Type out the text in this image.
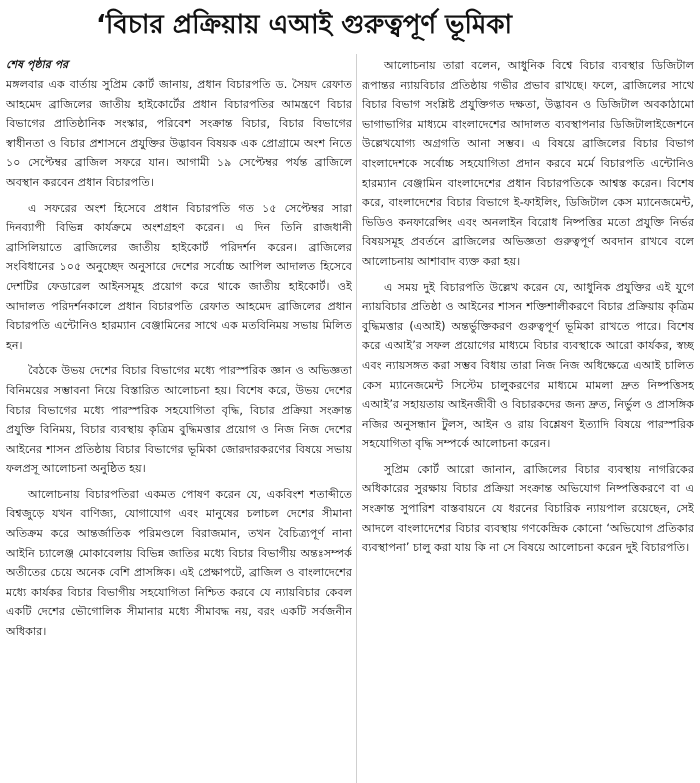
‘বিচার প্রক্রিয়ায় এআই গুরুত্বপূর্ণ ভূমিকা
শেষ পৃষ্ঠার পর

মঙ্গলবার এক বার্তায় সুপ্রিম কোর্ট জানায়, প্রধান বিচারপতি ড. সৈয়দ রেফাত আহমেদ ব্রাজিলের জাতীয় হাইকোর্টের প্রধান বিচারপতির আমন্ত্রণে বিচার বিভাগের প্রাতিষ্ঠানিক সংস্কার, পরিবেশ সংক্রান্ত বিচার, বিচার বিভাগের স্বাধীনতা ও বিচার প্রশাসনে প্রযুক্তির উদ্ভাবন বিষয়ক এক প্রোগ্রামে অংশ নিতে ১০ সেপ্টেম্বর ব্রাজিল সফরে যান। আগামী ১৯ সেপ্টেম্বর পর্যন্ত ব্রাজিলে অবস্থান করবেন প্রধান বিচারপতি।

এ সফরের অংশ হিসেবে প্রধান বিচারপতি গত ১৫ সেপ্টেম্বর সারা দিনব্যাপী বিভিন্ন কার্যক্রমে অংশগ্রহণ করেন। এ দিন তিনি রাজধানী ব্রাসিলিয়াতে ব্রাজিলের জাতীয় হাইকোর্ট পরিদর্শন করেন। ব্রাজিলের সংবিধানের ১০৫ অনুচ্ছেদ অনুসারে দেশের সর্বোচ্চ আপিল আদালত হিসেবে দেশটির ফেডারেল আইনসমূহ প্রয়োগ করে থাকে জাতীয় হাইকোর্ট। ওই আদালত পরিদর্শনকালে প্রধান বিচারপতি রেফাত আহমেদ ব্রাজিলের প্রধান বিচারপতি এন্টোনিও হারম্যান বেঞ্জামিনের সাথে এক মতবিনিময় সভায় মিলিত হন।

বৈঠকে উভয় দেশের বিচার বিভাগের মধ্যে পারস্পরিক জ্ঞান ও অভিজ্ঞতা বিনিময়ের সম্ভাবনা নিয়ে বিস্তারিত আলোচনা হয়। বিশেষ করে, উভয় দেশের বিচার বিভাগের মধ্যে পারস্পরিক সহযোগিতা বৃদ্ধি, বিচার প্রক্রিয়া সংক্রান্ত প্রযুক্তি বিনিময়, বিচার ব্যবস্থায় কৃত্রিম বুদ্ধিমত্তার প্রয়োগ ও নিজ নিজ দেশের আইনের শাসন প্রতিষ্ঠায় বিচার বিভাগের ভূমিকা জোরদারকরণের বিষয়ে সভায় ফলপ্রসূ আলোচনা অনুষ্ঠিত হয়।

আলোচনায় বিচারপতিরা একমত পোষণ করেন যে, একবিংশ শতাব্দীতে বিশ্বজুড়ে যখন বাণিজ্য, যোগাযোগ এবং মানুষের চলাচল দেশের সীমানা অতিক্রম করে আন্তর্জাতিক পরিমণ্ডলে বিরাজমান, তখন বৈচিত্র্যপূর্ণ নানা আইনি চ্যালেঞ্জ মোকাবেলায় বিভিন্ন জাতির মধ্যে বিচার বিভাগীয় অন্তঃসম্পর্ক অতীতের চেয়ে অনেক বেশি প্রাসঙ্গিক। এই প্রেক্ষাপটে, ব্রাজিল ও বাংলাদেশের মধ্যে কার্যকর বিচার বিভাগীয় সহযোগিতা নিশ্চিত করবে যে ন্যায়বিচার কেবল একটি দেশের ভৌগোলিক সীমানার মধ্যে সীমাবদ্ধ নয়, বরং একটি সর্বজনীন অধিকার।

আলোচনায় তারা বলেন, আধুনিক বিশ্বে বিচার ব্যবস্থার ডিজিটাল রূপান্তর ন্যায়বিচার প্রতিষ্ঠায় গভীর প্রভাব রাখছে। ফলে, ব্রাজিলের সাথে বিচার বিভাগ সংশ্লিষ্ট প্রযুক্তিগত দক্ষতা, উদ্ভাবন ও ডিজিটাল অবকাঠামো ভাগাভাগির মাধ্যমে বাংলাদেশের আদালত ব্যবস্থাপনার ডিজিটালাইজেশনে উল্লেখযোগ্য অগ্রগতি আনা সম্ভব। এ বিষয়ে ব্রাজিলের বিচার বিভাগ বাংলাদেশকে সর্বোচ্চ সহযোগিতা প্রদান করবে মর্মে বিচারপতি এন্টোনিও হারম্যান বেঞ্জামিন বাংলাদেশের প্রধান বিচারপতিকে আশ্বস্ত করেন। বিশেষ করে, বাংলাদেশের বিচার বিভাগে ই-ফাইলিং, ডিজিটাল কেস ম্যানেজমেন্ট, ভিডিও কনফারেন্সিং এবং অনলাইন বিরোধ নিষ্পত্তির মতো প্রযুক্তি নির্ভর বিষয়সমূহ প্রবর্তনে ব্রাজিলের অভিজ্ঞতা গুরুত্বপূর্ণ অবদান রাখবে বলে আলোচনায় আশাবাদ ব্যক্ত করা হয়।

এ সময় দুই বিচারপতি উল্লেখ করেন যে, আধুনিক প্রযুক্তির এই যুগে ন্যায়বিচার প্রতিষ্ঠা ও আইনের শাসন শক্তিশালীকরণে বিচার প্রক্রিয়ায় কৃত্রিম বুদ্ধিমত্তার (এআই) অন্তর্ভুক্তিকরণ গুরুত্বপূর্ণ ভূমিকা রাখতে পারে। বিশেষ করে এআই’র সফল প্রয়োগের মাধ্যমে বিচার ব্যবস্থাকে আরো কার্যকর, স্বচ্ছ এবং ন্যায়সঙ্গত করা সম্ভব বিধায় তারা নিজ নিজ অধিক্ষেত্রে এআই চালিত কেস ম্যানেজমেন্ট সিস্টেম চালুকরণের মাধ্যমে মামলা দ্রুত নিষ্পত্তিসহ এআই’র সহায়তায় আইনজীবী ও বিচারকদের জন্য দ্রুত, নির্ভুল ও প্রাসঙ্গিক নজির অনুসন্ধান টুলস, আইন ও রায় বিশ্লেষণ ইত্যাদি বিষয়ে পারস্পরিক সহযোগিতা বৃদ্ধি সম্পর্কে আলোচনা করেন।

সুপ্রিম কোর্ট আরো জানান, ব্রাজিলের বিচার ব্যবস্থায় নাগরিকের অধিকারের সুরক্ষায় বিচার প্রক্রিয়া সংক্রান্ত অভিযোগ নিষ্পত্তিকরণে বা এ সংক্রান্ত সুপারিশ বাস্তবায়নে যে ধরনের বিচারিক ন্যায়পাল রয়েছেন, সেই আদলে বাংলাদেশের বিচার ব্যবস্থায় গণকেন্দ্রিক কোনো ‘অভিযোগ প্রতিকার ব্যবস্থাপনা’ চালু করা যায় কি না সে বিষয়ে আলোচনা করেন দুই বিচারপতি।
